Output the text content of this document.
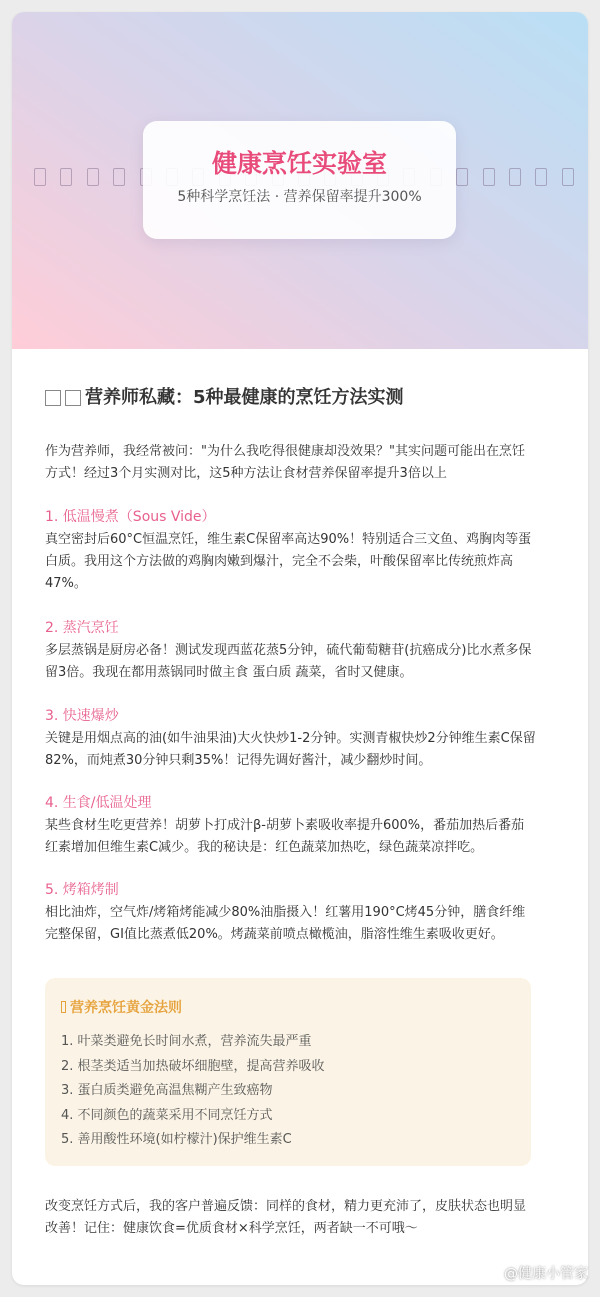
健康烹饪实验室

5种科学烹饪法 · 营养保留率提升300%

营养师私藏：5种最健康的烹饪方法实测

作为营养师，我经常被问："为什么我吃得很健康却没效果？"其实问题可能出在烹饪方式！经过3个月实测对比，这5种方法让食材营养保留率提升3倍以上

1. 低温慢煮（Sous Vide）

真空密封后60°C恒温烹饪，维生素C保留率高达90%！特别适合三文鱼、鸡胸肉等蛋白质。我用这个方法做的鸡胸肉嫩到爆汁，完全不会柴，叶酸保留率比传统煎炸高47%。

2. 蒸汽烹饪

多层蒸锅是厨房必备！测试发现西蓝花蒸5分钟，硫代葡萄糖苷(抗癌成分)比水煮多保留3倍。我现在都用蒸锅同时做主食 蛋白质 蔬菜，省时又健康。

3. 快速爆炒

关键是用烟点高的油(如牛油果油)大火快炒1-2分钟。实测青椒快炒2分钟维生素C保留82%，而炖煮30分钟只剩35%！记得先调好酱汁，减少翻炒时间。

4. 生食/低温处理

某些食材生吃更营养！胡萝卜打成汁β-胡萝卜素吸收率提升600%，番茄加热后番茄红素增加但维生素C减少。我的秘诀是：红色蔬菜加热吃，绿色蔬菜凉拌吃。

5. 烤箱烤制

相比油炸，空气炸/烤箱烤能减少80%油脂摄入！红薯用190°C烤45分钟，膳食纤维完整保留，GI值比蒸煮低20%。烤蔬菜前喷点橄榄油，脂溶性维生素吸收更好。

营养烹饪黄金法则
1. 叶菜类避免长时间水煮，营养流失最严重
2. 根茎类适当加热破坏细胞壁，提高营养吸收
3. 蛋白质类避免高温焦糊产生致癌物
4. 不同颜色的蔬菜采用不同烹饪方式
5. 善用酸性环境(如柠檬汁)保护维生素C

改变烹饪方式后，我的客户普遍反馈：同样的食材，精力更充沛了，皮肤状态也明显改善！记住：健康饮食=优质食材×科学烹饪，两者缺一不可哦～

@健康小管家
